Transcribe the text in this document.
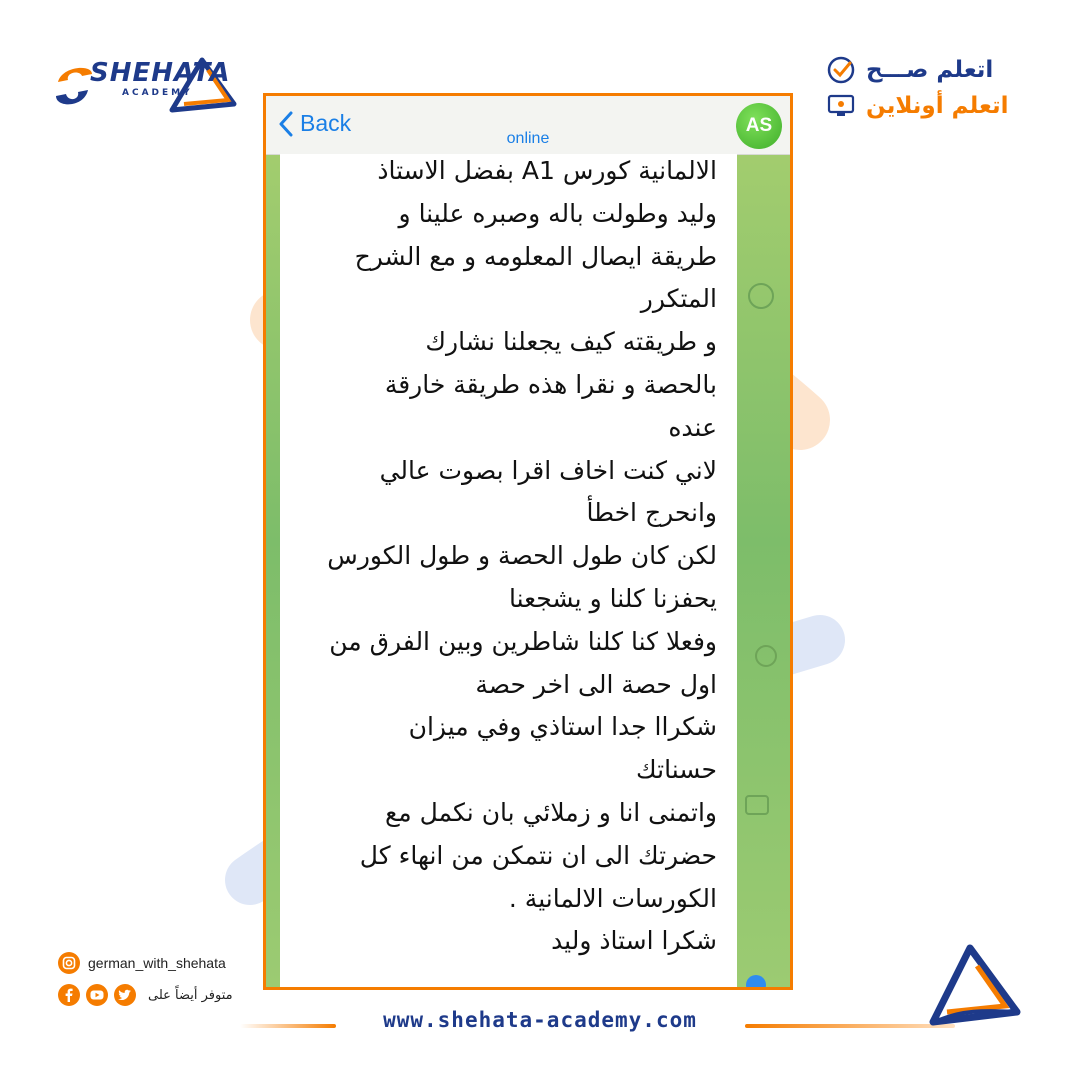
SHEHATA
ACADEMY
اتعلم صـــح
اتعلم أونلاين
Back
online
AS
الالمانية كورس A1 بفضل الاستاذ
وليد وطولت باله وصبره علينا و
طريقة ايصال المعلومه و مع الشرح
المتكرر
و طريقته كيف يجعلنا نشارك
بالحصة و نقرا هذه طريقة خارقة
عنده
لاني كنت اخاف اقرا بصوت عالي
وانحرج اخطأ
لكن كان طول الحصة و طول الكورس
يحفزنا كلنا و يشجعنا
وفعلا كنا كلنا شاطرين وبين الفرق من
اول حصة الى اخر حصة
شكراا جدا استاذي وفي ميزان
حسناتك
واتمنى انا و زملائي بان نكمل مع
حضرتك الى ان نتمكن من انهاء كل
الكورسات الالمانية .
شكرا استاذ وليد
german_with_shehata
متوفر أيضاً على
www.shehata-academy.com
